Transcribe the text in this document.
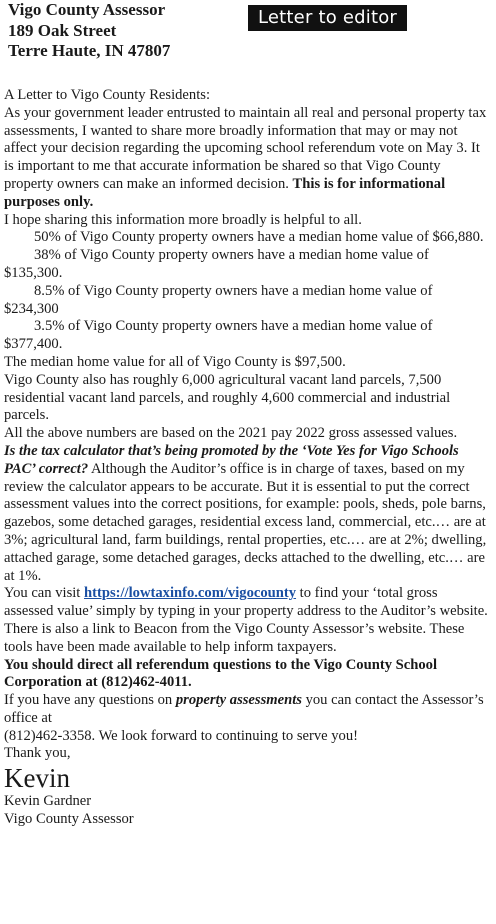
Vigo County Assessor
189 Oak Street
Terre Haute, IN 47807
Letter to editor

A Letter to Vigo County Residents:

As your government leader entrusted to maintain all real and personal property tax assessments, I wanted to share more broadly information that may or may not affect your decision regarding the upcoming school referendum vote on May 3. It is important to me that accurate information be shared so that Vigo County property owners can make an informed decision. This is for informational purposes only.

I hope sharing this information more broadly is helpful to all.

50% of Vigo County property owners have a median home value of $66,880.

38% of Vigo County property owners have a median home value of $135,300.

8.5% of Vigo County property owners have a median home value of $234,300

3.5% of Vigo County property owners have a median home value of $377,400.

The median home value for all of Vigo County is $97,500.

Vigo County also has roughly 6,000 agricultural vacant land parcels, 7,500 residential vacant land parcels, and roughly 4,600 commercial and industrial parcels.

All the above numbers are based on the 2021 pay 2022 gross assessed values.

Is the tax calculator that’s being promoted by the ‘Vote Yes for Vigo Schools PAC’ correct? Although the Auditor’s office is in charge of taxes, based on my review the calculator appears to be accurate. But it is essential to put the correct assessment values into the correct positions, for example: pools, sheds, pole barns, gazebos, some detached garages, residential excess land, commercial, etc.… are at 3%; agricultural land, farm buildings, rental properties, etc.… are at 2%; dwelling, attached garage, some detached garages, decks attached to the dwelling, etc.… are at 1%.

You can visit https://lowtaxinfo.com/vigocounty to find your ‘total gross assessed value’ simply by typing in your property address to the Auditor’s website. There is also a link to Beacon from the Vigo County Assessor’s website. These tools have been made available to help inform taxpayers.

You should direct all referendum questions to the Vigo County School Corporation at (812)462-4011.

If you have any questions on property assessments you can contact the Assessor’s office at

(812)462-3358. We look forward to continuing to serve you!

Thank you,

Kevin

Kevin Gardner

Vigo County Assessor
